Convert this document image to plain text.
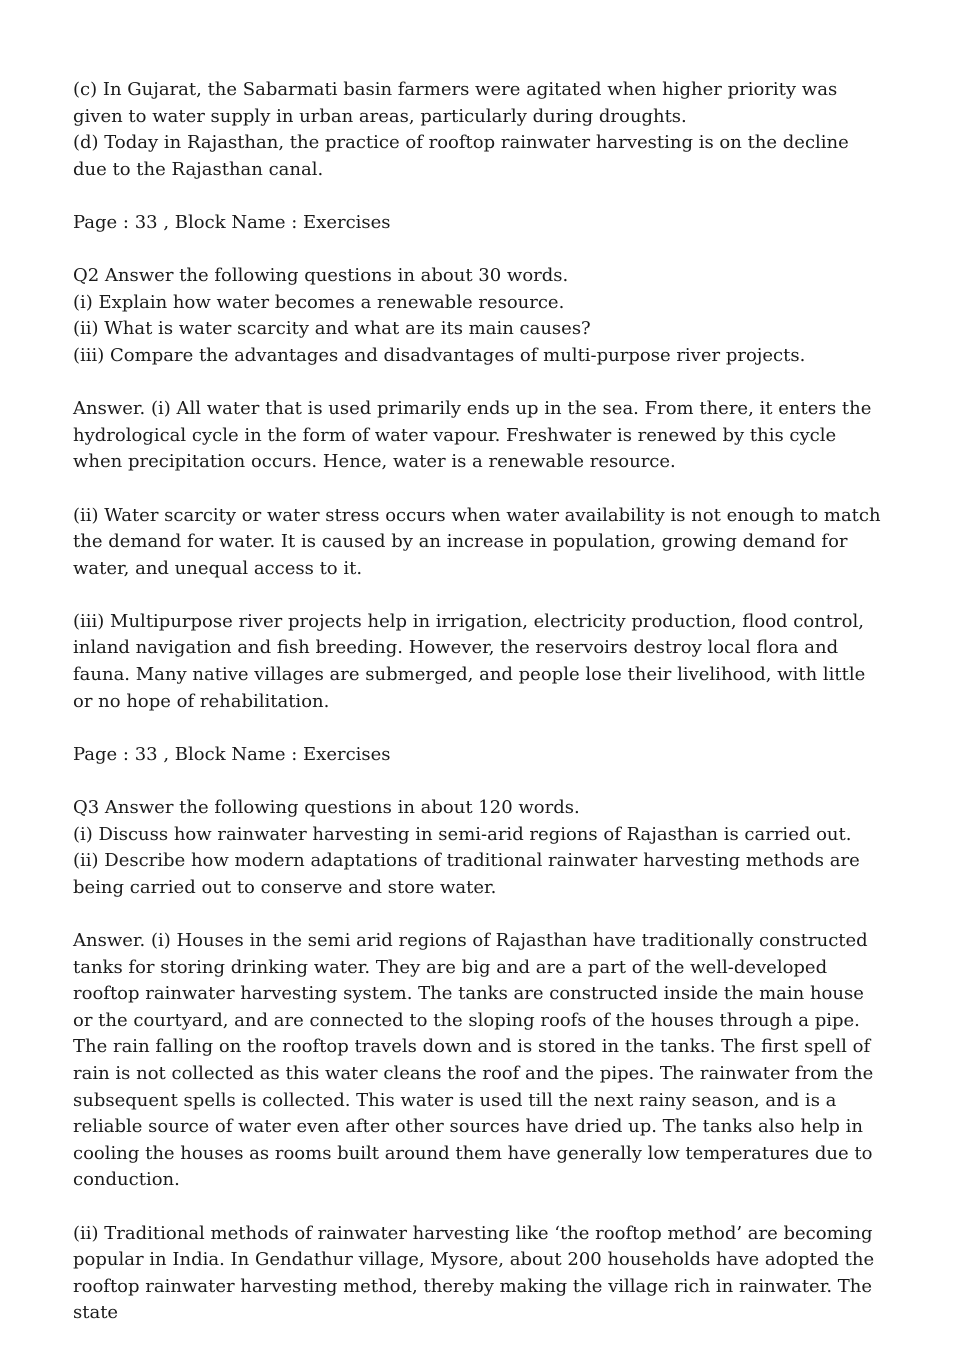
(c) In Gujarat, the Sabarmati basin farmers were agitated when higher priority was given to water supply in urban areas, particularly during droughts.

(d) Today in Rajasthan, the practice of rooftop rainwater harvesting is on the decline due to the Rajasthan canal.

Page : 33 , Block Name : Exercises

Q2 Answer the following questions in about 30 words.

(i) Explain how water becomes a renewable resource.

(ii) What is water scarcity and what are its main causes?

(iii) Compare the advantages and disadvantages of multi-purpose river projects.

Answer. (i) All water that is used primarily ends up in the sea. From there, it enters the hydrological cycle in the form of water vapour. Freshwater is renewed by this cycle when precipitation occurs. Hence, water is a renewable resource.

(ii) Water scarcity or water stress occurs when water availability is not enough to match the demand for water. It is caused by an increase in population, growing demand for water, and unequal access to it.

(iii) Multipurpose river projects help in irrigation, electricity production, flood control, inland navigation and fish breeding. However, the reservoirs destroy local flora and fauna. Many native villages are submerged, and people lose their livelihood, with little or no hope of rehabilitation.

Page : 33 , Block Name : Exercises

Q3 Answer the following questions in about 120 words.

(i) Discuss how rainwater harvesting in semi-arid regions of Rajasthan is carried out.

(ii) Describe how modern adaptations of traditional rainwater harvesting methods are being carried out to conserve and store water.

Answer. (i) Houses in the semi arid regions of Rajasthan have traditionally constructed tanks for storing drinking water. They are big and are a part of the well-developed rooftop rainwater harvesting system. The tanks are constructed inside the main house or the courtyard, and are connected to the sloping roofs of the houses through a pipe. The rain falling on the rooftop travels down and is stored in the tanks. The first spell of rain is not collected as this water cleans the roof and the pipes. The rainwater from the subsequent spells is collected. This water is used till the next rainy season, and is a reliable source of water even after other sources have dried up. The tanks also help in cooling the houses as rooms built around them have generally low temperatures due to conduction.

(ii) Traditional methods of rainwater harvesting like ‘the rooftop method’ are becoming popular in India. In Gendathur village, Mysore, about 200 households have adopted the rooftop rainwater harvesting method, thereby making the village rich in rainwater. The state
